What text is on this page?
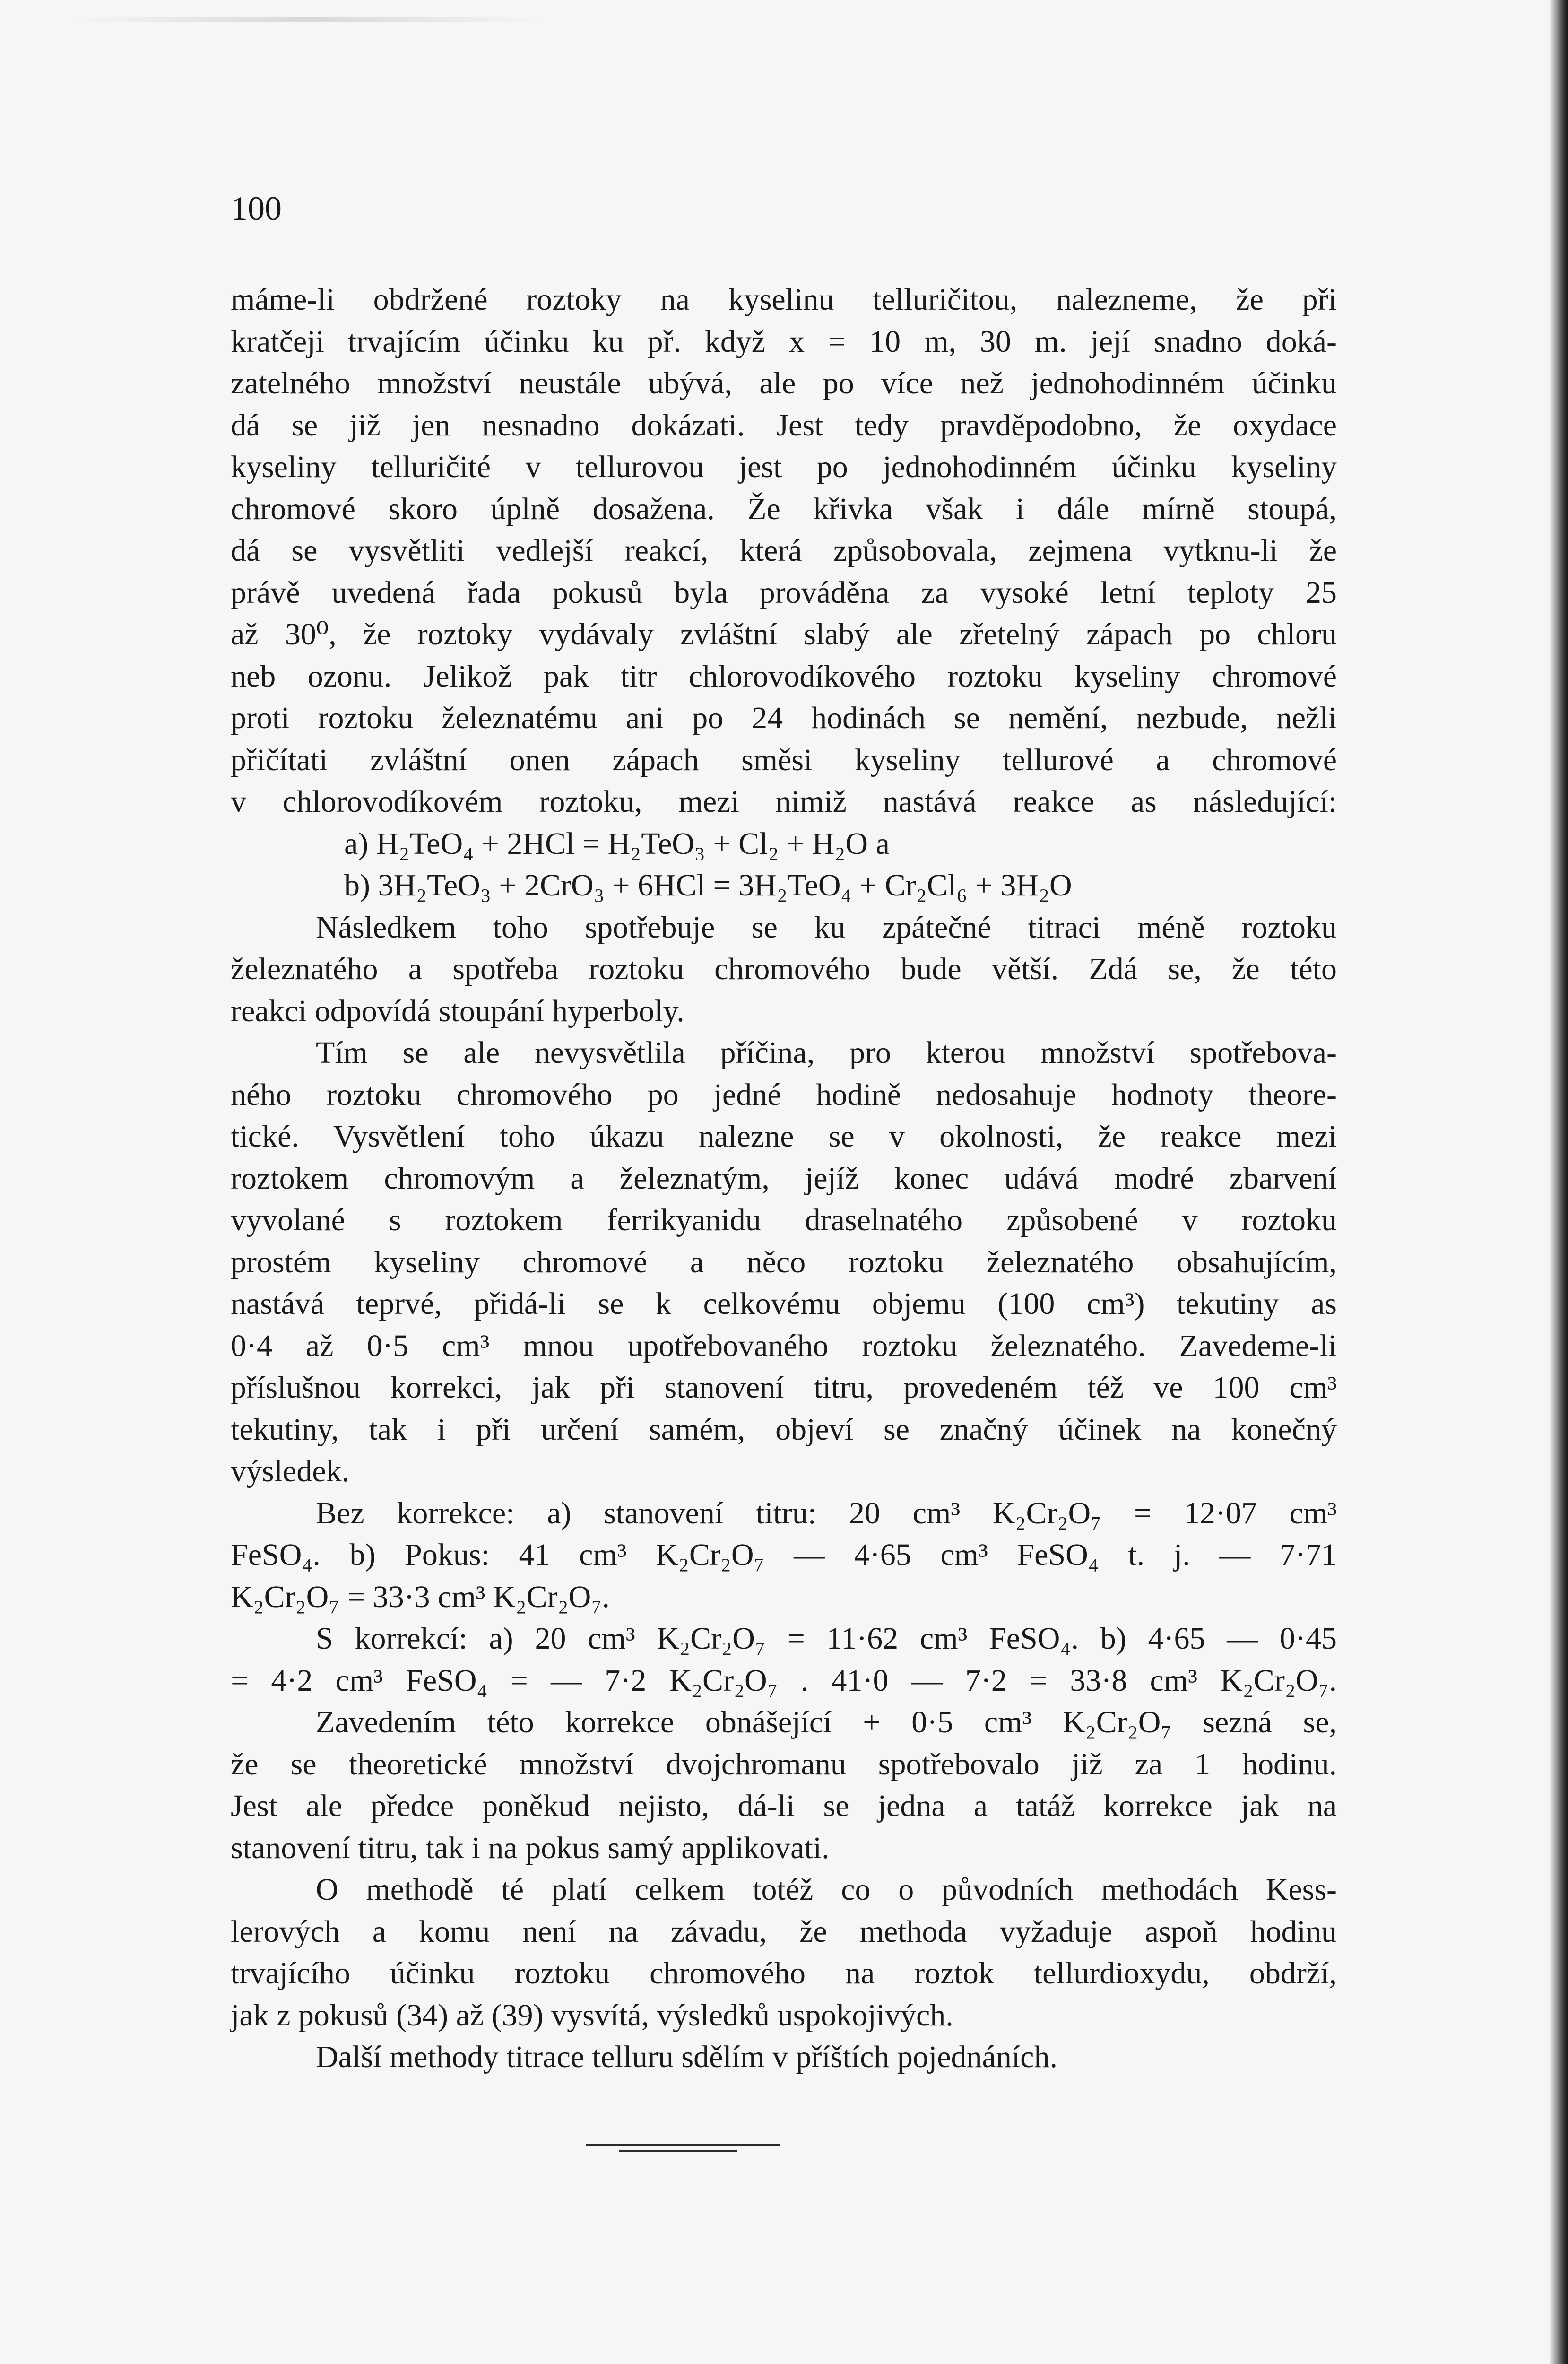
100
máme-li obdržené roztoky na kyselinu telluričitou, nalezneme, že při
kratčeji trvajícím účinku ku př. když x = 10 m, 30 m. její snadno doká-
zatelného množství neustále ubývá, ale po více než jednohodinném účinku
dá se již jen nesnadno dokázati. Jest tedy pravděpodobno, že oxydace
kyseliny telluričité v tellurovou jest po jednohodinném účinku kyseliny
chromové skoro úplně dosažena. Že křivka však i dále mírně stoupá,
dá se vysvětliti vedlejší reakcí, která způsobovala, zejmena vytknu-li že
právě uvedená řada pokusů byla prováděna za vysoké letní teploty 25
až 30⁰, že roztoky vydávaly zvláštní slabý ale zřetelný zápach po chloru
neb ozonu. Jelikož pak titr chlorovodíkového roztoku kyseliny chromové
proti roztoku železnatému ani po 24 hodinách se nemění, nezbude, nežli
přičítati zvláštní onen zápach směsi kyseliny tellurové a chromové
v chlorovodíkovém roztoku, mezi nimiž nastává reakce as následující:
a) H₂TeO₄ + 2HCl = H₂TeO₃ + Cl₂ + H₂O a
b) 3H₂TeO₃ + 2CrO₃ + 6HCl = 3H₂TeO₄ + Cr₂Cl₆ + 3H₂O
Následkem toho spotřebuje se ku zpátečné titraci méně roztoku
železnatého a spotřeba roztoku chromového bude větší. Zdá se, že této
reakci odpovídá stoupání hyperboly.
Tím se ale nevysvětlila příčina, pro kterou množství spotřebova-
ného roztoku chromového po jedné hodině nedosahuje hodnoty theore-
tické. Vysvětlení toho úkazu nalezne se v okolnosti, že reakce mezi
roztokem chromovým a železnatým, jejíž konec udává modré zbarvení
vyvolané s roztokem ferrikyanidu draselnatého způsobené v roztoku
prostém kyseliny chromové a něco roztoku železnatého obsahujícím,
nastává teprvé, přidá-li se k celkovému objemu (100 cm³) tekutiny as
0·4 až 0·5 cm³ mnou upotřebovaného roztoku železnatého. Zavedeme-li
příslušnou korrekci, jak při stanovení titru, provedeném též ve 100 cm³
tekutiny, tak i při určení samém, objeví se značný účinek na konečný
výsledek.
Bez korrekce: a) stanovení titru: 20 cm³ K₂Cr₂O₇ = 12·07 cm³
FeSO₄. b) Pokus: 41 cm³ K₂Cr₂O₇ — 4·65 cm³ FeSO₄ t. j. — 7·71
K₂Cr₂O₇ = 33·3 cm³ K₂Cr₂O₇.
S korrekcí: a) 20 cm³ K₂Cr₂O₇ = 11·62 cm³ FeSO₄. b) 4·65 — 0·45
= 4·2 cm³ FeSO₄ = — 7·2 K₂Cr₂O₇ . 41·0 — 7·2 = 33·8 cm³ K₂Cr₂O₇.
Zavedením této korrekce obnášející + 0·5 cm³ K₂Cr₂O₇ sezná se,
že se theoretické množství dvojchromanu spotřebovalo již za 1 hodinu.
Jest ale předce poněkud nejisto, dá-li se jedna a tatáž korrekce jak na
stanovení titru, tak i na pokus samý applikovati.
O methodě té platí celkem totéž co o původních methodách Kess-
lerových a komu není na závadu, že methoda vyžaduje aspoň hodinu
trvajícího účinku roztoku chromového na roztok tellurdioxydu, obdrží,
jak z pokusů (34) až (39) vysvítá, výsledků uspokojivých.
Další methody titrace telluru sdělím v příštích pojednáních.
